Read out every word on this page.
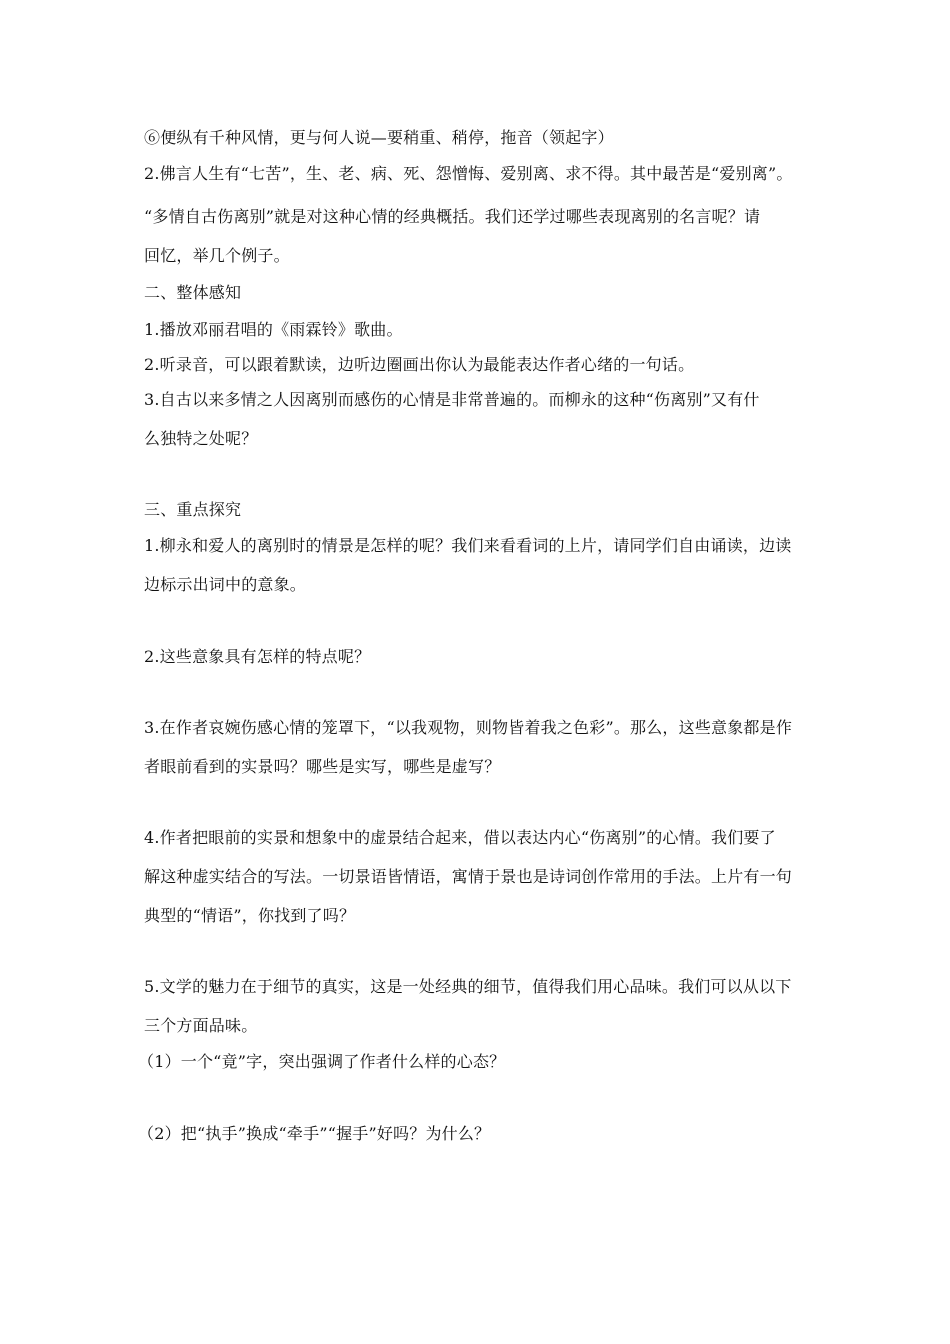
⑥便纵有千种风情，更与何人说—要稍重、稍停，拖音（领起字）
2.佛言人生有“七苦”，生、老、病、死、怨憎悔、爱别离、求不得。其中最苦是“爱别离”。
“多情自古伤离别”就是对这种心情的经典概括。我们还学过哪些表现离别的名言呢？请
回忆，举几个例子。
二、整体感知
1.播放邓丽君唱的《雨霖铃》歌曲。
2.听录音，可以跟着默读，边听边圈画出你认为最能表达作者心绪的一句话。
3.自古以来多情之人因离别而感伤的心情是非常普遍的。而柳永的这种“伤离别”又有什
么独特之处呢？
三、重点探究
1.柳永和爱人的离别时的情景是怎样的呢？我们来看看词的上片，请同学们自由诵读，边读
边标示出词中的意象。
2.这些意象具有怎样的特点呢？
3.在作者哀婉伤感心情的笼罩下，“以我观物，则物皆着我之色彩”。那么，这些意象都是作
者眼前看到的实景吗？哪些是实写，哪些是虚写？
4.作者把眼前的实景和想象中的虚景结合起来，借以表达内心“伤离别”的心情。我们要了
解这种虚实结合的写法。一切景语皆情语，寓情于景也是诗词创作常用的手法。上片有一句
典型的“情语”，你找到了吗？
5.文学的魅力在于细节的真实，这是一处经典的细节，值得我们用心品味。我们可以从以下
三个方面品味。
（1）一个“竟”字，突出强调了作者什么样的心态？
（2）把“执手”换成“牵手”“握手”好吗？为什么？
